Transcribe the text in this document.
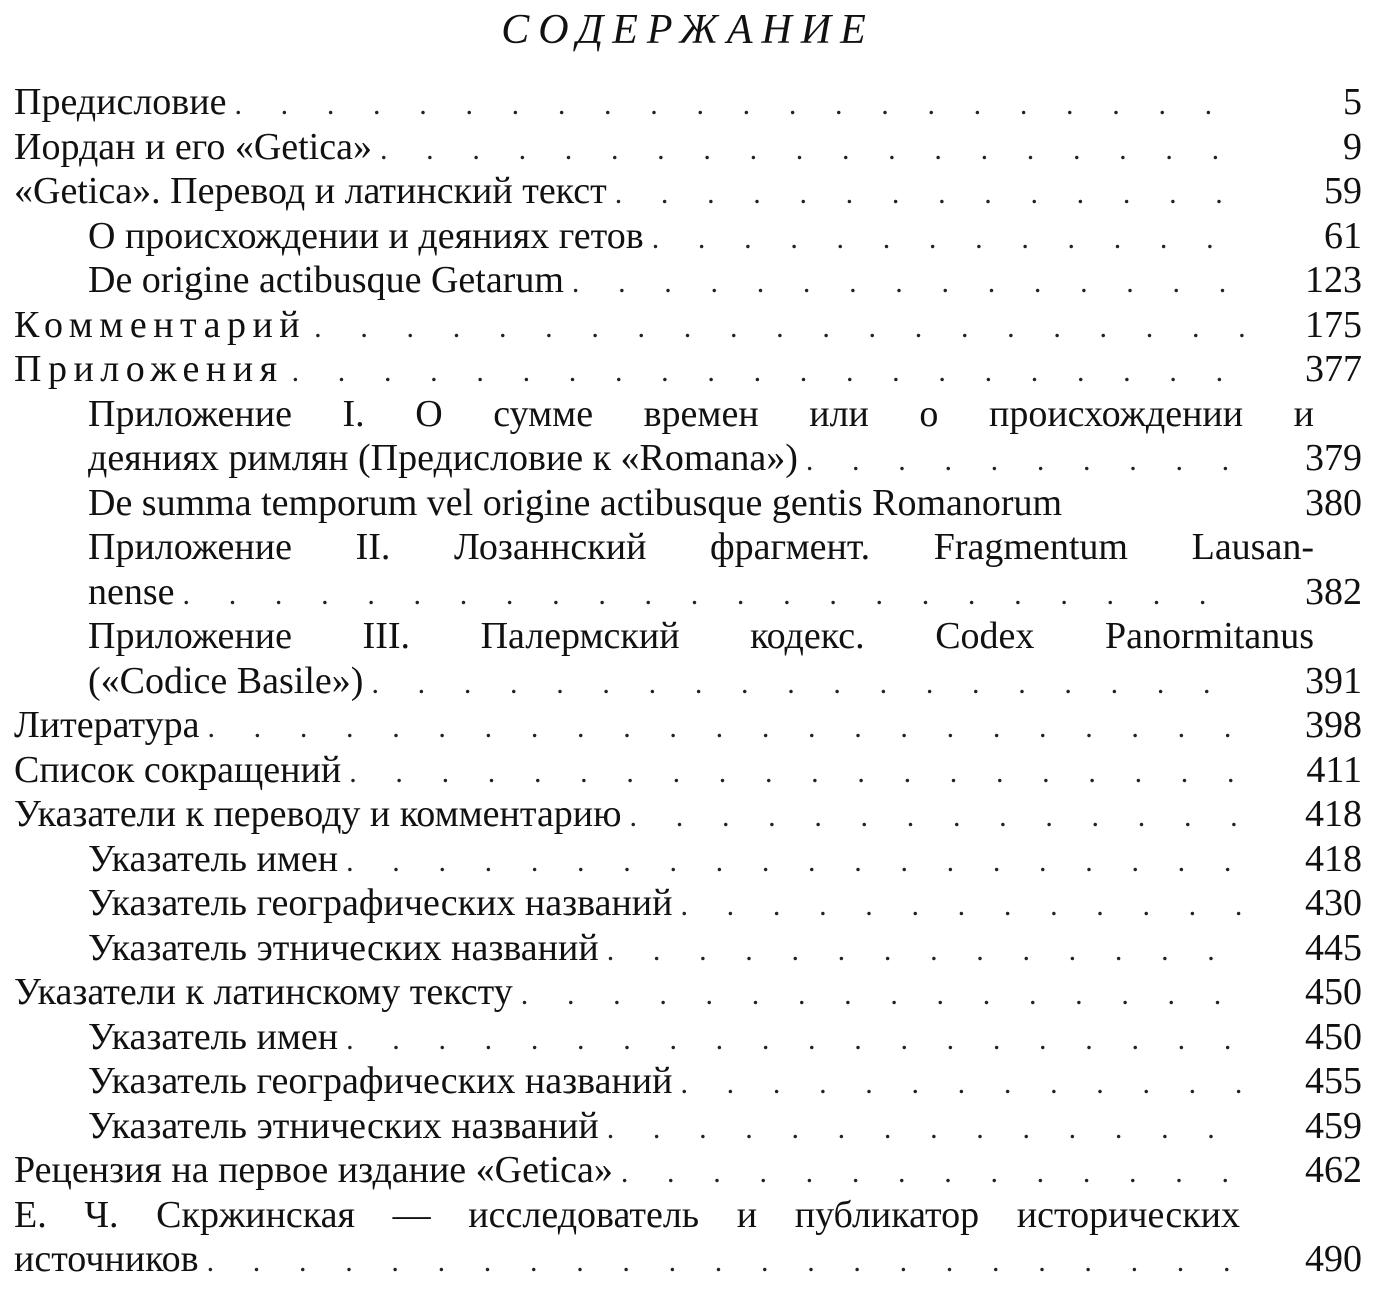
СОДЕРЖАНИЕ
Предисловие . . .	5
Иордан и его «Getica» . . .	9
«Getica». Перевод и латинский текст . . .	59
О происхождении и деяниях гетов . . .	61
De origine actibusque Getarum . . .	123
Комментарий . . .	175
Приложения . . .	377
Приложение I. О сумме времен или о происхождении и
деяниях римлян (Предисловие к «Romana») . . .	379
De summa temporum vel origine actibusque gentis Romanorum	380
Приложение II. Лозаннский фрагмент. Fragmentum Lausan-
nense . . .	382
Приложение III. Палермский кодекс. Codex Panormitanus
(«Codice Basile») . . .	391
Литература . . .	398
Список сокращений . . .	411
Указатели к переводу и комментарию . . .	418
Указатель имен . . .	418
Указатель географических названий . . .	430
Указатель этнических названий . . .	445
Указатели к латинскому тексту . . .	450
Указатель имен . . .	450
Указатель географических названий . . .	455
Указатель этнических названий . . .	459
Рецензия на первое издание «Getica» . . .	462
Е. Ч. Скржинская — исследователь и публикатор исторических
источников . . .	490
